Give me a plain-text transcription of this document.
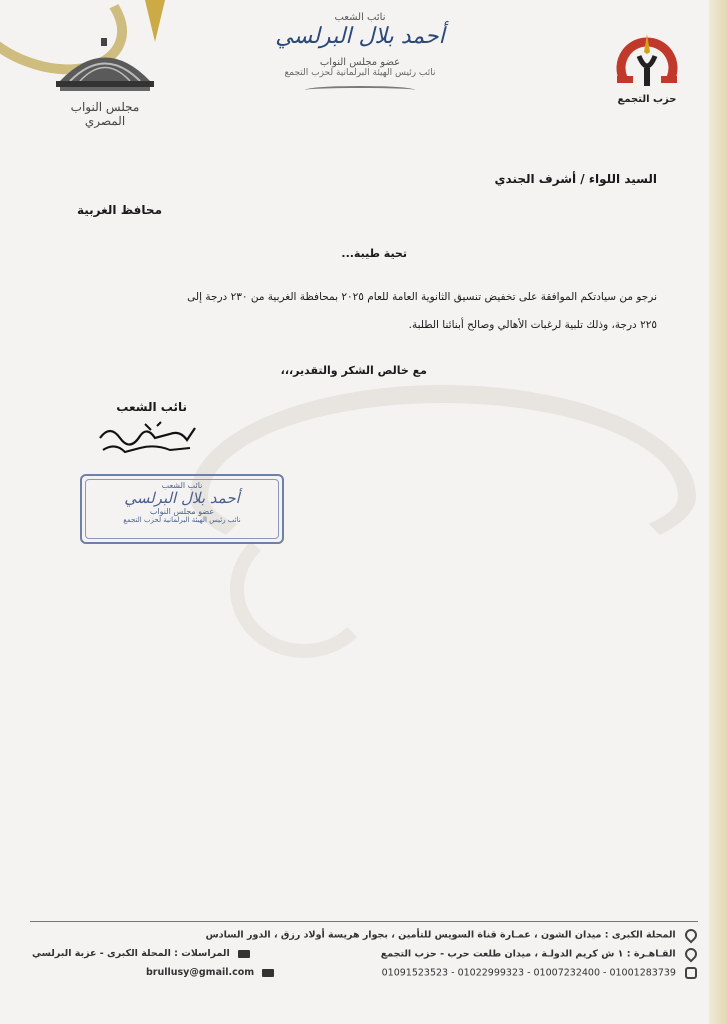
مجلس النواب المصري
نائب الشعب
أحمد بلال البرلسي
عضو مجلس النواب
نائب رئيس الهيئة البرلمانية لحزب التجمع
حزب التجمع
السيد اللواء / أشرف الجندي
محافظ الغربية
تحية طيبة...
نرجو من سيادتكم الموافقة على تخفيض تنسيق الثانوية العامة للعام ٢٠٢٥ بمحافظة الغربية من ٢٣٠ درجة إلى
٢٢٥ درجة، وذلك تلبية لرغبات الأهالي وصالح أبنائنا الطلبة.
مع خالص الشكر والتقدير،،،
نائب الشعب
نائب الشعب
أحمد بلال البرلسي
عضو مجلس النواب
نائب رئيس الهيئة البرلمانية لحزب التجمع
المحلة الكبرى : ميدان الشون ، عمـارة قناة السويس للتأمين ، بجوار هريسة أولاد رزق ، الدور السادس
القـاهـرة : ١ ش كريم الدولـة ، ميدان طلعت حرب - حزب التجمع
المراسلات : المحلة الكبرى - عزبة البرلسي
01091523523 - 01022999323 - 01007232400 - 01001283739
brullusy@gmail.com
